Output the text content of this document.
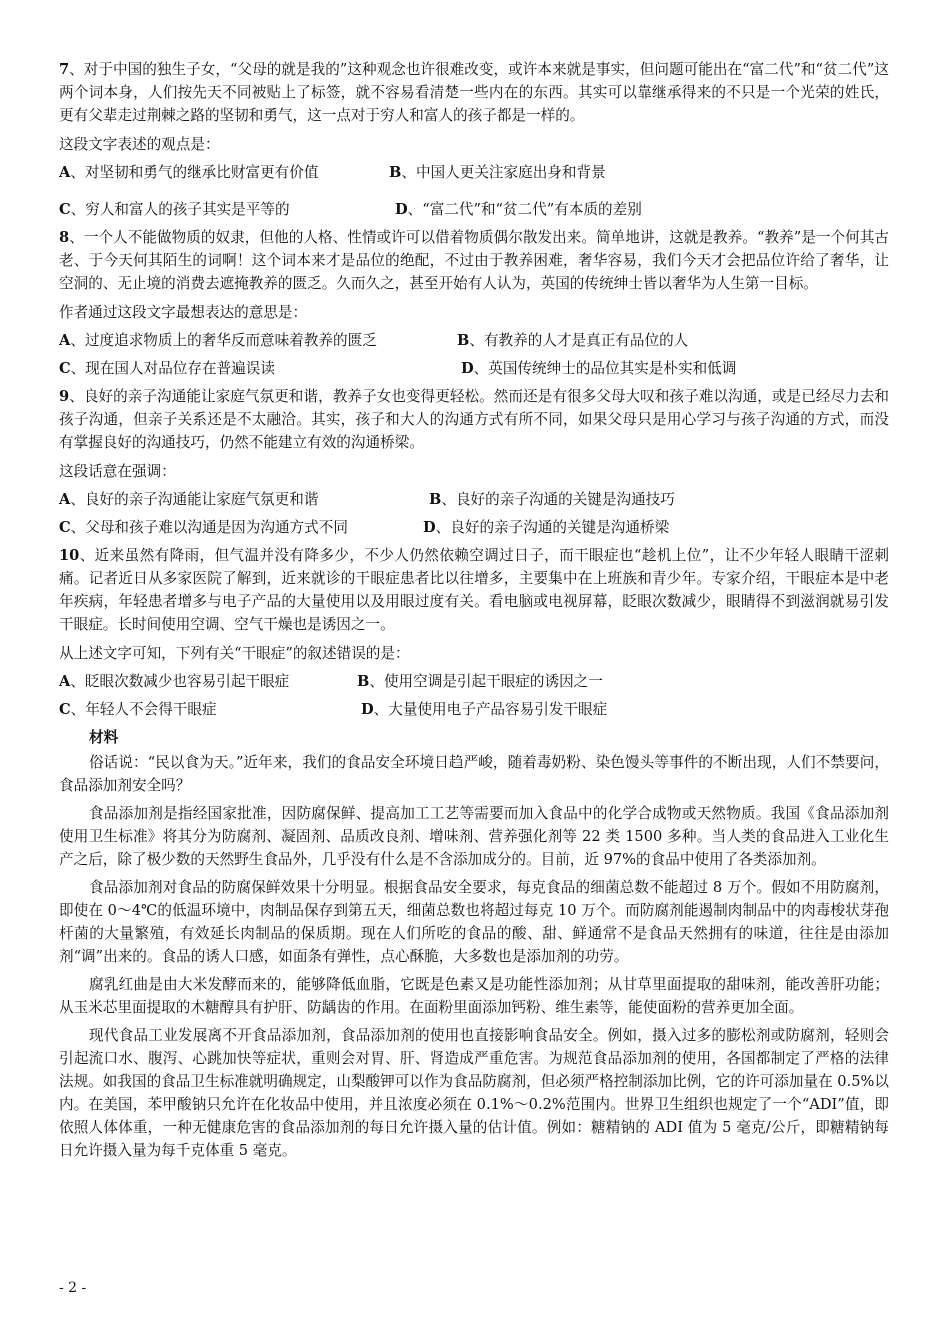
7、对于中国的独生子女，“父母的就是我的”这种观念也许很难改变，或许本来就是事实，但问题可能出在“富二代”和“贫二代”这两个词本身，人们按先天不同被贴上了标签，就不容易看清楚一些内在的东西。其实可以靠继承得来的不只是一个光荣的姓氏，更有父辈走过荆棘之路的坚韧和勇气，这一点对于穷人和富人的孩子都是一样的。

这段文字表述的观点是：

A、对坚韧和勇气的继承比财富更有价值	B、中国人更关注家庭出身和背景
C、穷人和富人的孩子其实是平等的	D、“富二代”和“贫二代”有本质的差别

8、一个人不能做物质的奴隶，但他的人格、性情或许可以借着物质偶尔散发出来。简单地讲，这就是教养。“教养”是一个何其古老、于今天何其陌生的词啊！这个词本来才是品位的绝配，不过由于教养困难，奢华容易，我们今天才会把品位许给了奢华，让空洞的、无止境的消费去遮掩教养的匮乏。久而久之，甚至开始有人认为，英国的传统绅士皆以奢华为人生第一目标。

作者通过这段文字最想表达的意思是：

A、过度追求物质上的奢华反而意味着教养的匮乏	B、有教养的人才是真正有品位的人
C、现在国人对品位存在普遍误读	D、英国传统绅士的品位其实是朴实和低调

9、良好的亲子沟通能让家庭气氛更和谐，教养子女也变得更轻松。然而还是有很多父母大叹和孩子难以沟通，或是已经尽力去和孩子沟通，但亲子关系还是不太融洽。其实，孩子和大人的沟通方式有所不同，如果父母只是用心学习与孩子沟通的方式，而没有掌握良好的沟通技巧，仍然不能建立有效的沟通桥梁。

这段话意在强调：

A、良好的亲子沟通能让家庭气氛更和谐	B、良好的亲子沟通的关键是沟通技巧
C、父母和孩子难以沟通是因为沟通方式不同	D、良好的亲子沟通的关键是沟通桥梁

10、近来虽然有降雨，但气温并没有降多少，不少人仍然依赖空调过日子，而干眼症也“趁机上位”，让不少年轻人眼睛干涩刺痛。记者近日从多家医院了解到，近来就诊的干眼症患者比以往增多，主要集中在上班族和青少年。专家介绍，干眼症本是中老年疾病，年轻患者增多与电子产品的大量使用以及用眼过度有关。看电脑或电视屏幕，眨眼次数减少，眼睛得不到滋润就易引发干眼症。长时间使用空调、空气干燥也是诱因之一。

从上述文字可知，下列有关“干眼症”的叙述错误的是：

A、眨眼次数减少也容易引起干眼症	B、使用空调是引起干眼症的诱因之一
C、年轻人不会得干眼症	D、大量使用电子产品容易引发干眼症

材料

俗话说：“民以食为天。”近年来，我们的食品安全环境日趋严峻，随着毒奶粉、染色馒头等事件的不断出现，人们不禁要问，食品添加剂安全吗？

食品添加剂是指经国家批准，因防腐保鲜、提高加工工艺等需要而加入食品中的化学合成物或天然物质。我国《食品添加剂使用卫生标准》将其分为防腐剂、凝固剂、品质改良剂、增味剂、营养强化剂等 22 类 1500 多种。当人类的食品进入工业化生产之后，除了极少数的天然野生食品外，几乎没有什么是不含添加成分的。目前，近 97%的食品中使用了各类添加剂。

食品添加剂对食品的防腐保鲜效果十分明显。根据食品安全要求，每克食品的细菌总数不能超过 8 万个。假如不用防腐剂，即使在 0～4℃的低温环境中，肉制品保存到第五天，细菌总数也将超过每克 10 万个。而防腐剂能遏制肉制品中的肉毒梭状芽孢杆菌的大量繁殖，有效延长肉制品的保质期。现在人们所吃的食品的酸、甜、鲜通常不是食品天然拥有的味道，往往是由添加剂“调”出来的。食品的诱人口感，如面条有弹性，点心酥脆，大多数也是添加剂的功劳。

腐乳红曲是由大米发酵而来的，能够降低血脂，它既是色素又是功能性添加剂；从甘草里面提取的甜味剂，能改善肝功能；从玉米芯里面提取的木糖醇具有护肝、防龋齿的作用。在面粉里面添加钙粉、维生素等，能使面粉的营养更加全面。

现代食品工业发展离不开食品添加剂，食品添加剂的使用也直接影响食品安全。例如，摄入过多的膨松剂或防腐剂，轻则会引起流口水、腹泻、心跳加快等症状，重则会对胃、肝、肾造成严重危害。为规范食品添加剂的使用，各国都制定了严格的法律法规。如我国的食品卫生标准就明确规定，山梨酸钾可以作为食品防腐剂，但必须严格控制添加比例，它的许可添加量在 0.5%以内。在美国，苯甲酸钠只允许在化妆品中使用，并且浓度必须在 0.1%～0.2%范围内。世界卫生组织也规定了一个“ADI”值，即依照人体体重，一种无健康危害的食品添加剂的每日允许摄入量的估计值。例如：糖精钠的 ADI 值为 5 毫克/公斤，即糖精钠每日允许摄入量为每千克体重 5 毫克。

- 2 -
